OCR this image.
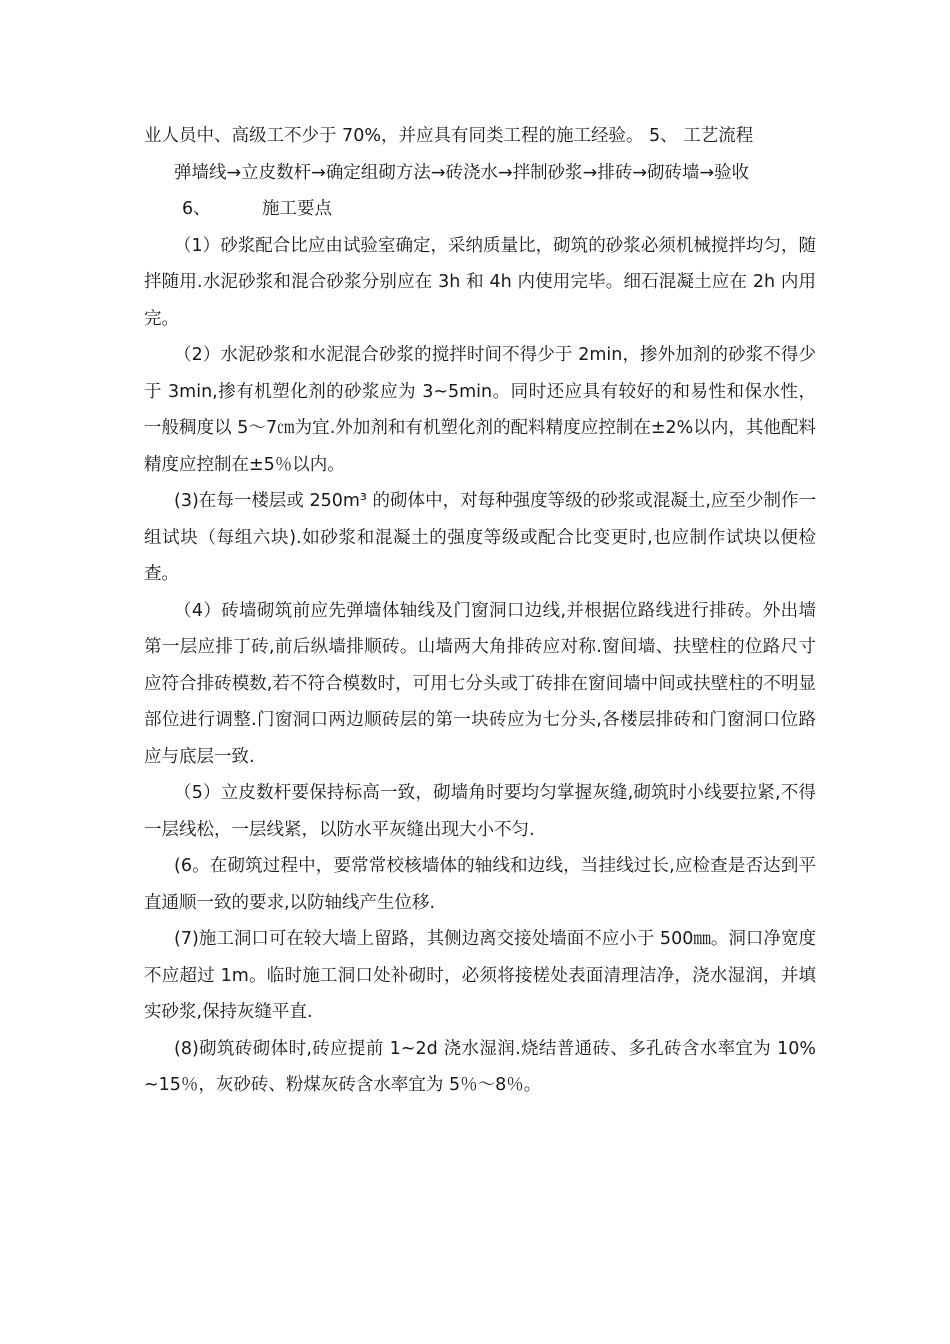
业人员中、高级工不少于 70%，并应具有同类工程的施工经验。 5、 工艺流程

弹墙线→立皮数杆→确定组砌方法→砖浇水→拌制砂浆→排砖→砌砖墙→验收

6、	施工要点

（1）砂浆配合比应由试验室确定，采纳质量比，砌筑的砂浆必须机械搅拌均匀，随拌随用.水泥砂浆和混合砂浆分别应在 3h 和 4h 内使用完毕。细石混凝土应在 2h 内用完。

（2）水泥砂浆和水泥混合砂浆的搅拌时间不得少于 2min，掺外加剂的砂浆不得少于 3min,掺有机塑化剂的砂浆应为 3~5min。同时还应具有较好的和易性和保水性，一般稠度以 5～7㎝为宜.外加剂和有机塑化剂的配料精度应控制在±2%以内，其他配料精度应控制在±5％以内。

(3)在每一楼层或 250m³ 的砌体中，对每种强度等级的砂浆或混凝土,应至少制作一组试块（每组六块).如砂浆和混凝土的强度等级或配合比变更时,也应制作试块以便检查。

（4）砖墙砌筑前应先弹墙体轴线及门窗洞口边线,并根据位路线进行排砖。外出墙第一层应排丁砖,前后纵墙排顺砖。山墙两大角排砖应对称.窗间墙、扶壁柱的位路尺寸应符合排砖模数,若不符合模数时，可用七分头或丁砖排在窗间墙中间或扶壁柱的不明显部位进行调整.门窗洞口两边顺砖层的第一块砖应为七分头,各楼层排砖和门窗洞口位路应与底层一致.

（5）立皮数杆要保持标高一致，砌墙角时要均匀掌握灰缝,砌筑时小线要拉紧,不得一层线松，一层线紧，以防水平灰缝出现大小不匀.

(6。在砌筑过程中，要常常校核墙体的轴线和边线，当挂线过长,应检查是否达到平直通顺一致的要求,以防轴线产生位移.

(7)施工洞口可在较大墙上留路，其侧边离交接处墙面不应小于 500㎜。洞口净宽度不应超过 1m。临时施工洞口处补砌时，必须将接槎处表面清理洁净，浇水湿润，并填实砂浆,保持灰缝平直.

(8)砌筑砖砌体时,砖应提前 1~2d 浇水湿润.烧结普通砖、多孔砖含水率宜为 10%~15％，灰砂砖、粉煤灰砖含水率宜为 5％～8％。
